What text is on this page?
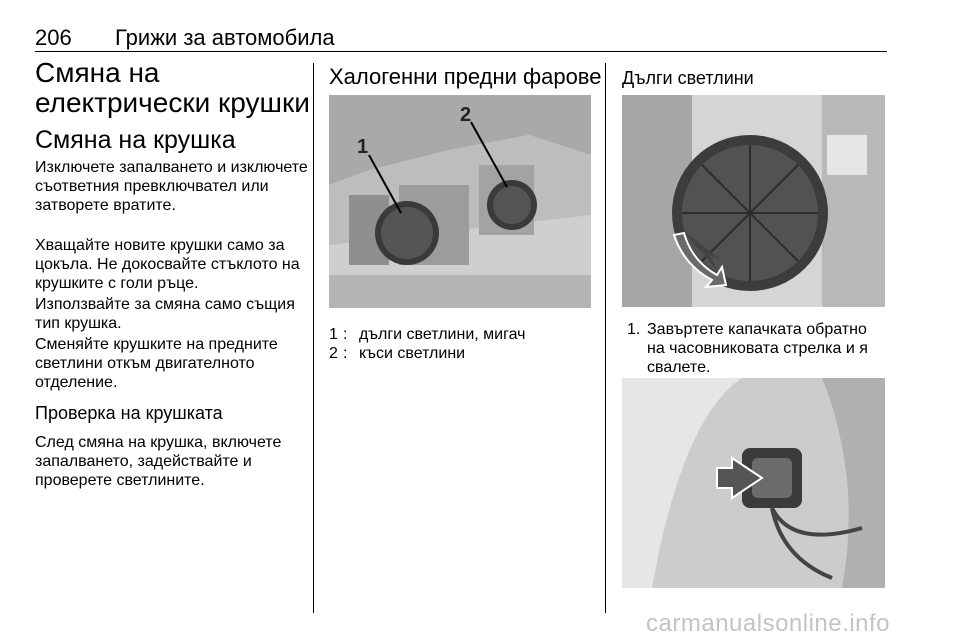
206 Грижи за автомобила
Смяна на електрически крушки
Смяна на крушка

Изключете запалването и изключете съответния превключвател или затворете вратите.

Хващайте новите крушки само за цокъла. Не докосвайте стъклото на крушките с голи ръце.

Използвайте за смяна само същия тип крушка.

Сменяйте крушките на предните светлини откъм двигателното отделение.

Проверка на крушката

След смяна на крушка, включете запалването, задействайте и проверете светлините.

Халогенни предни фарове
1
2
1 : дълги светлини, мигач
2 : къси светлини
Дълги светлини
1. Завъртете капачката обратно на часовниковата стрелка и я свалете.
carmanualsonline.info
